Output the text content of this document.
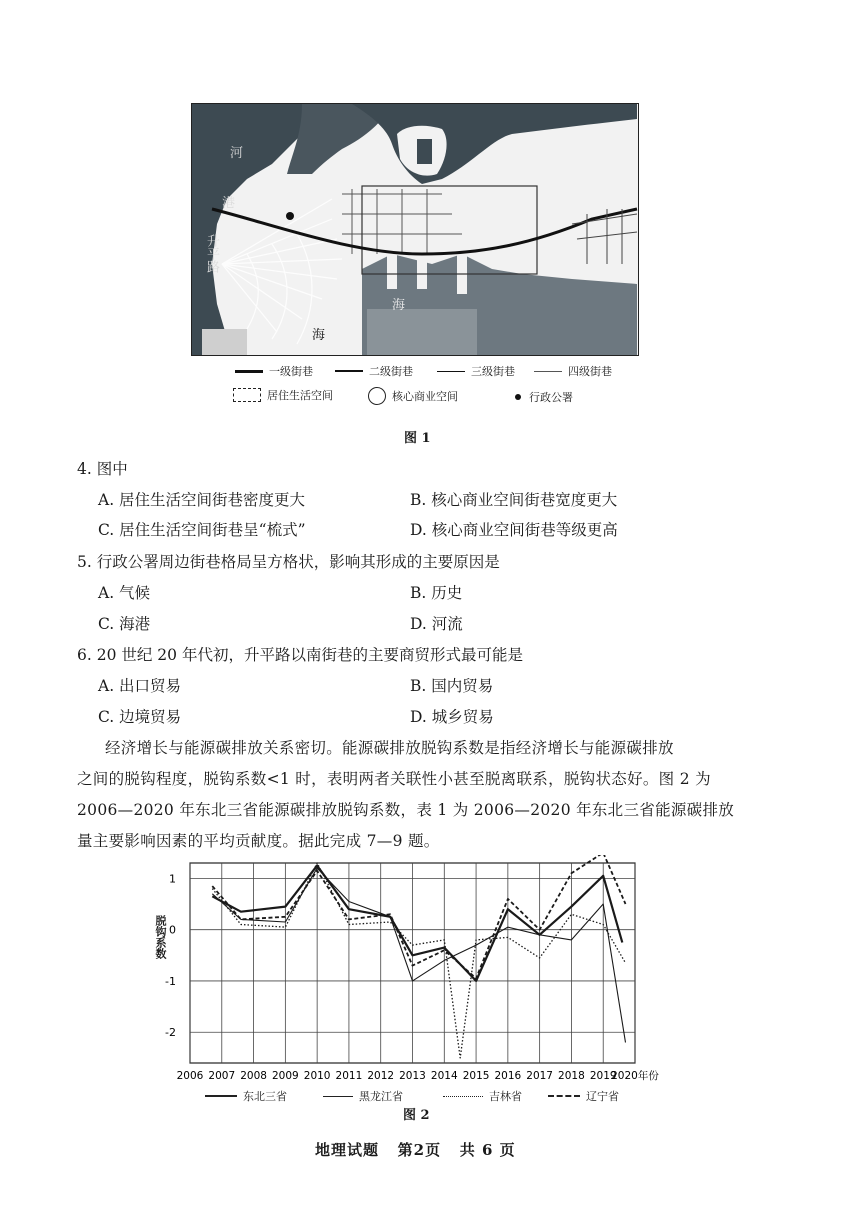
河
港
升平路
海
海
一级街巷	二级街巷	三级街巷	四级街巷
居住生活空间	核心商业空间	行政公署
图 1
4. 图中
A. 居住生活空间街巷密度更大	B. 核心商业空间街巷宽度更大
C. 居住生活空间街巷呈“梳式”	D. 核心商业空间街巷等级更高
5. 行政公署周边街巷格局呈方格状，影响其形成的主要原因是
A. 气候	B. 历史
C. 海港	D. 河流
6. 20 世纪 20 年代初，升平路以南街巷的主要商贸形式最可能是
A. 出口贸易	B. 国内贸易
C. 边境贸易	D. 城乡贸易
经济增长与能源碳排放关系密切。能源碳排放脱钩系数是指经济增长与能源碳排放
之间的脱钩程度，脱钩系数<1 时，表明两者关联性小甚至脱离联系，脱钩状态好。图 2 为
2006—2020 年东北三省能源碳排放脱钩系数，表 1 为 2006—2020 年东北三省能源碳排放
量主要影响因素的平均贡献度。据此完成 7—9 题。
1
0
-1
-2
2006 2007 2008 2009 2010 2011 2012 2013 2014 2015 2016 2017 2018 2019
2020年份
脱钩系数
东北三省	黑龙江省	吉林省	辽宁省
图 2
地理试题   第2页   共 6 页
